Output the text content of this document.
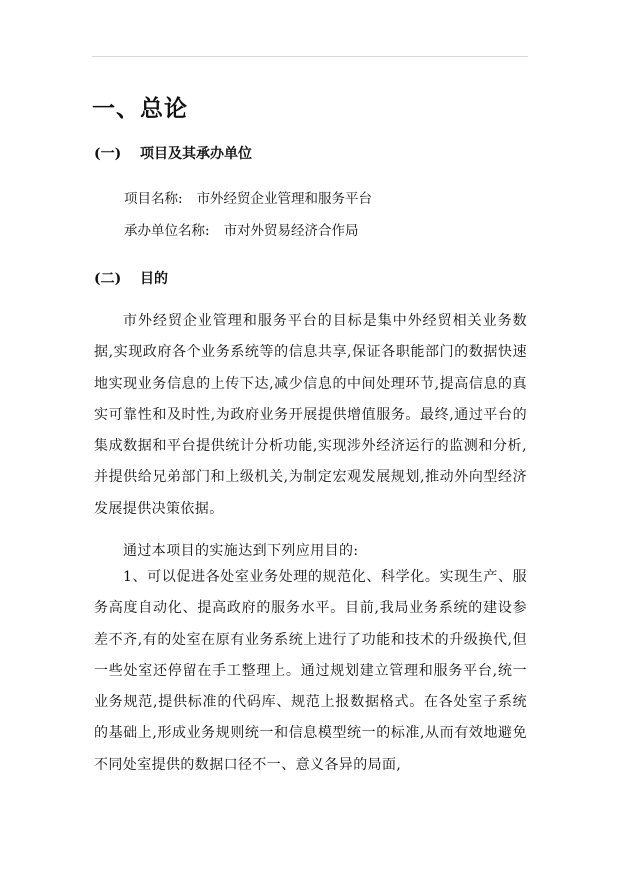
一、总论
(一) 项目及其承办单位
项目名称: 市外经贸企业管理和服务平台
承办单位名称: 市对外贸易经济合作局
(二) 目的

市外经贸企业管理和服务平台的目标是集中外经贸相关业务数据,实现政府各个业务系统等的信息共享,保证各职能部门的数据快速地实现业务信息的上传下达,减少信息的中间处理环节,提高信息的真实可靠性和及时性,为政府业务开展提供增值服务。最终,通过平台的集成数据和平台提供统计分析功能,实现涉外经济运行的监测和分析,并提供给兄弟部门和上级机关,为制定宏观发展规划,推动外向型经济发展提供决策依据。

通过本项目的实施达到下列应用目的:

1、可以促进各处室业务处理的规范化、科学化。实现生产、服务高度自动化、提高政府的服务水平。目前,我局业务系统的建设参差不齐,有的处室在原有业务系统上进行了功能和技术的升级换代,但一些处室还停留在手工整理上。通过规划建立管理和服务平台,统一业务规范,提供标准的代码库、规范上报数据格式。在各处室子系统的基础上,形成业务规则统一和信息模型统一的标准,从而有效地避免不同处室提供的数据口径不一、意义各异的局面,
